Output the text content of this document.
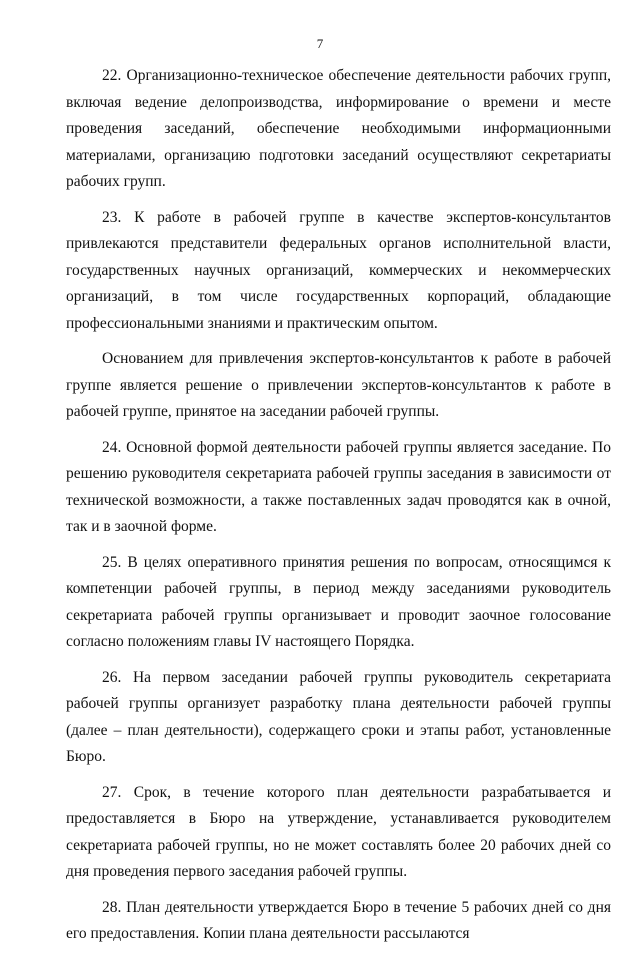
7

22. Организационно-техническое обеспечение деятельности рабочих групп, включая ведение делопроизводства, информирование о времени и месте проведения заседаний, обеспечение необходимыми информационными материалами, организацию подготовки заседаний осуществляют секретариаты рабочих групп.

23. К работе в рабочей группе в качестве экспертов-консультантов привлекаются представители федеральных органов исполнительной власти, государственных научных организаций, коммерческих и некоммерческих организаций, в том числе государственных корпораций, обладающие профессиональными знаниями и практическим опытом.

Основанием для привлечения экспертов-консультантов к работе в рабочей группе является решение о привлечении экспертов-консультантов к работе в рабочей группе, принятое на заседании рабочей группы.

24. Основной формой деятельности рабочей группы является заседание. По решению руководителя секретариата рабочей группы заседания в зависимости от технической возможности, а также поставленных задач проводятся как в очной, так и в заочной форме.

25. В целях оперативного принятия решения по вопросам, относящимся к компетенции рабочей группы, в период между заседаниями руководитель секретариата рабочей группы организывает и проводит заочное голосование согласно положениям главы IV настоящего Порядка.

26. На первом заседании рабочей группы руководитель секретариата рабочей группы организует разработку плана деятельности рабочей группы (далее – план деятельности), содержащего сроки и этапы работ, установленные Бюро.

27. Срок, в течение которого план деятельности разрабатывается и предоставляется в Бюро на утверждение, устанавливается руководителем секретариата рабочей группы, но не может составлять более 20 рабочих дней со дня проведения первого заседания рабочей группы.

28. План деятельности утверждается Бюро в течение 5 рабочих дней со дня его предоставления. Копии плана деятельности рассылаются
